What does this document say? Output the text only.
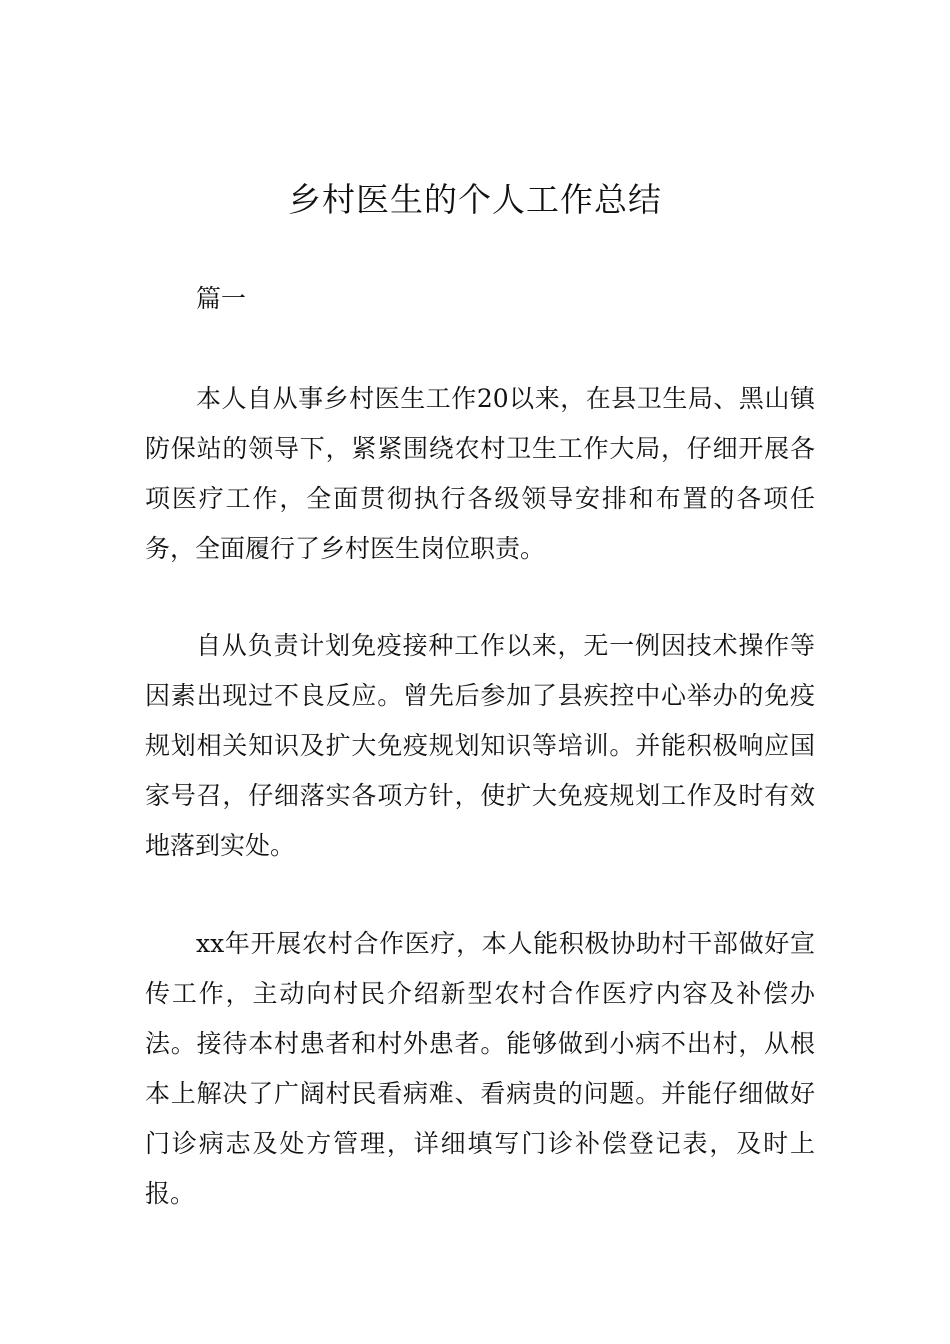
乡村医生的个人工作总结

篇一

本人自从事乡村医生工作20以来，在县卫生局、黑山镇防保站的领导下，紧紧围绕农村卫生工作大局，仔细开展各项医疗工作，全面贯彻执行各级领导安排和布置的各项任务，全面履行了乡村医生岗位职责。

自从负责计划免疫接种工作以来，无一例因技术操作等因素出现过不良反应。曾先后参加了县疾控中心举办的免疫规划相关知识及扩大免疫规划知识等培训。并能积极响应国家号召，仔细落实各项方针，使扩大免疫规划工作及时有效地落到实处。

xx年开展农村合作医疗，本人能积极协助村干部做好宣传工作，主动向村民介绍新型农村合作医疗内容及补偿办法。接待本村患者和村外患者。能够做到小病不出村，从根本上解决了广阔村民看病难、看病贵的问题。并能仔细做好门诊病志及处方管理，详细填写门诊补偿登记表，及时上报。
